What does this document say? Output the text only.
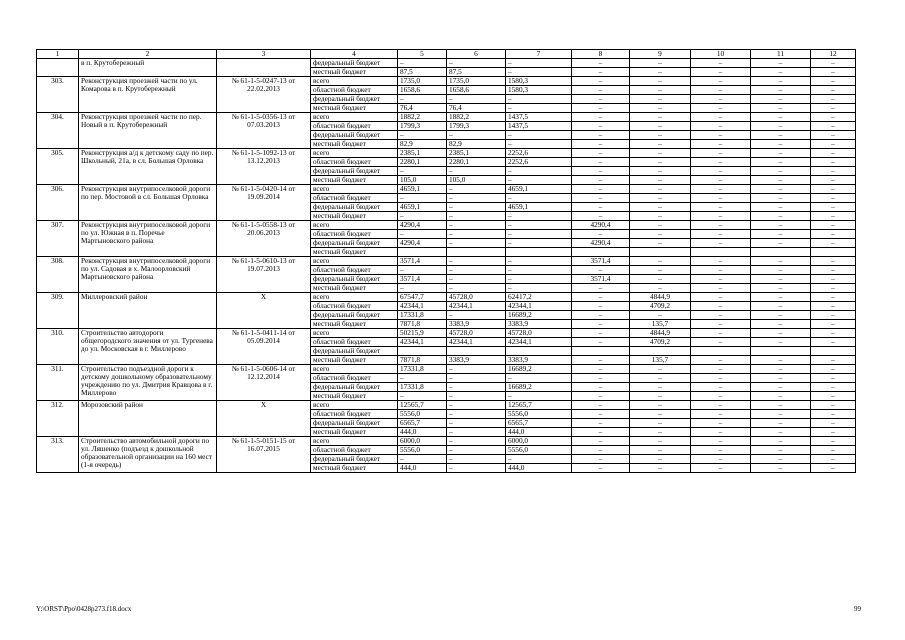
1	2	3	4	5	6	7	8	9	10	11	12
	в п. Крутобережный		федеральный бюджет	–	–	–	–	–	–	–	–
			местный бюджет	87,5	87,5	–	–	–	–	–	–
303.	Реконструкция проезжей части по ул. Комарова в п. Крутобережный	№ 61-1-5-0247-13 от 22.02.2013	всего	1735,0	1735,0	1580,3	–	–	–	–	–
			областной бюджет	1658,6	1658,6	1580,3	–	–	–	–	–
			федеральный бюджет	–	–	–	–	–	–	–	–
			местный бюджет	76,4	76,4	–	–	–	–	–	–
304.	Реконструкция проезжей части по пер. Новый в п. Крутобережный	№ 61-1-5-0356-13 от 07.03.2013	всего	1882,2	1882,2	1437,5	–	–	–	–	–
			областной бюджет	1799,3	1799,3	1437,5	–	–	–	–	–
			федеральный бюджет	–	–	–	–	–	–	–	–
			местный бюджет	82,9	82,9	–	–	–	–	–	–
305.	Реконструкция а/д к детскому саду по пер. Школьный, 21а, в сл. Большая Орловка	№ 61-1-5-1092-13 от 13.12.2013	всего	2385,1	2385,1	2252,6	–	–	–	–	–
			областной бюджет	2280,1	2280,1	2252,6	–	–	–	–	–
			федеральный бюджет	–	–	–	–	–	–	–	–
			местный бюджет	105,0	105,0	–	–	–	–	–	–
306.	Реконструкция внутрипоселковой дороги по пер. Мостовой в сл. Большая Орловка	№ 61-1-5-0420-14 от 19.09.2014	всего	4659,1	–	4659,1	–	–	–	–	–
			областной бюджет	–	–	–	–	–	–	–	–
			федеральный бюджет	4659,1	–	4659,1	–	–	–	–	–
			местный бюджет	–	–	–	–	–	–	–	–
307.	Реконструкция внутрипоселковой дороги по ул. Южная в п. Поречье Мартыновского района	№ 61-1-5-0558-13 от 20.06.2013	всего	4290,4	–	–	4290,4	–	–	–	–
			областной бюджет	–	–	–	–	–	–	–	–
			федеральный бюджет	4290,4	–	–	4290,4	–	–	–	–
			местный бюджет								
308.	Реконструкция внутрипоселковой дороги по ул. Садовая в х. Малоорловский Мартыновского района	№ 61-1-5-0610-13 от 19.07.2013	всего	3571,4	–	–	3571,4	–	–	–	–
			областной бюджет	–	–	–	–	–	–	–	–
			федеральный бюджет	3571,4	–	–	3571,4	–	–	–	–
			местный бюджет	–	–	–	–	–	–	–	–
309.	Миллеровский район	Х	всего	67547,7	45728,0	62417,2	–	4844,9	–	–	–
			областной бюджет	42344,1	42344,1	42344,1	–	4709,2	–	–	–
			федеральный бюджет	17331,8	–	16689,2	–	–	–	–	–
			местный бюджет	7871,8	3383,9	3383,9	–	135,7	–	–	–
310.	Строительство автодороги общегородского значения от ул. Тургенева до ул. Московская в г. Миллерово	№ 61-1-5-0411-14 от 05.09.2014	всего	50215,9	45728,0	45728,0	–	4844,9	–	–	–
			областной бюджет	42344,1	42344,1	42344,1	–	4709,2	–	–	–
			федеральный бюджет								
			местный бюджет	7871,8	3383,9	3383,9	–	135,7	–	–	–
311.	Строительство подъездной дороги к детскому дошкольному образовательному учреждению по ул. Дмитрия Кравцова в г. Миллерово	№ 61-1-5-0606-14 от 12.12.2014	всего	17331,8	–	16689,2	–	–	–	–	–
			областной бюджет	–	–	–	–	–	–	–	–
			федеральный бюджет	17331,8	–	16689,2	–	–	–	–	–
			местный бюджет	–	–	–	–	–	–	–	–
312.	Морозовский район	Х	всего	12565,7	–	12565,7	–	–	–	–	–
			областной бюджет	5556,0	–	5556,0	–	–	–	–	–
			федеральный бюджет	6565,7	–	6565,7	–	–	–	–	–
			местный бюджет	444,0	–	444,0	–	–	–	–	–
313.	Строительство автомобильной дороги по ул. Ляшенко (подъезд к дошкольной образовательной организации на 160 мест (1-я очередь)	№ 61-1-5-0151-15 от 16.07.2015	всего	6000,0	–	6000,0	–	–	–	–	–
			областной бюджет	5556,0	–	5556,0	–	–	–	–	–
			федеральный бюджет	–	–	–	–	–	–	–	–
			местный бюджет	444,0	–	444,0	–	–	–	–	–
Y:\ORST\Ppo\0428p273.f18.docx	99
